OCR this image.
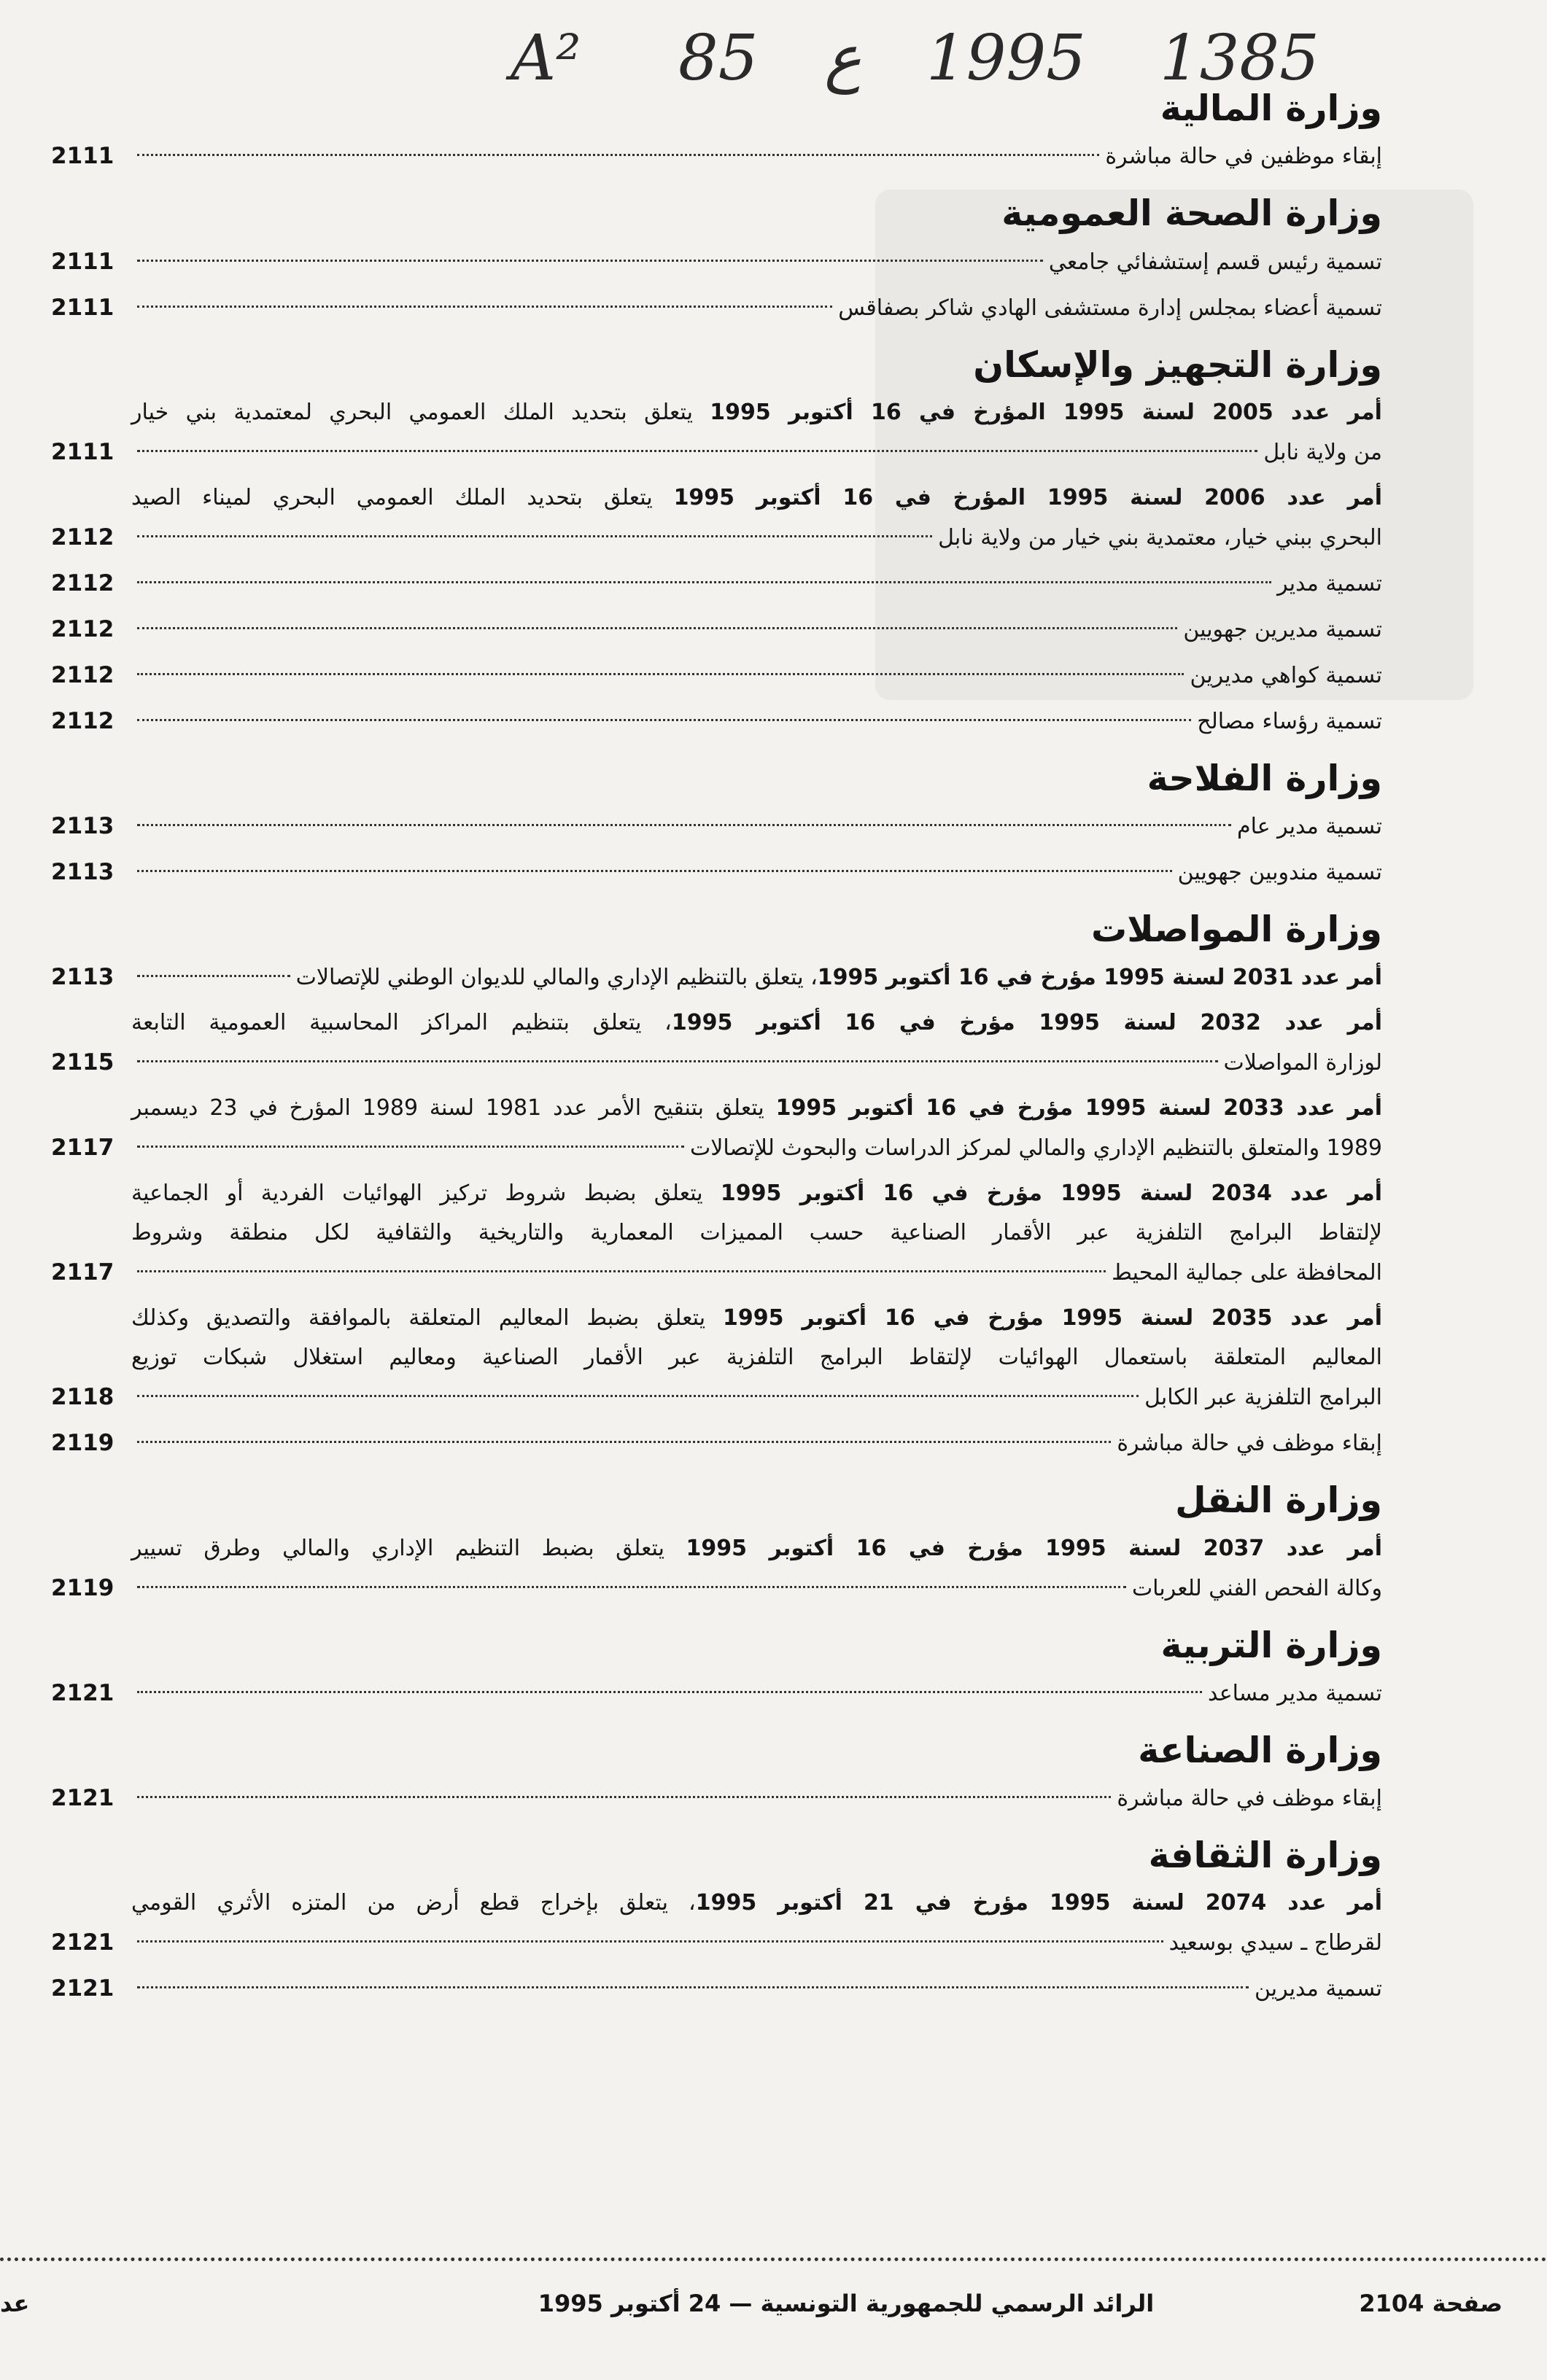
A² 85 ع 1995 1385
وزارة المالية
إبقاء موظفين في حالة مباشرة
2111
وزارة الصحة العمومية
تسمية رئيس قسم إستشفائي جامعي
2111
تسمية أعضاء بمجلس إدارة مستشفى الهادي شاكر بصفاقس
2111
وزارة التجهيز والإسكان
أمر عدد 2005 لسنة 1995 المؤرخ في 16 أكتوبر 1995 يتعلق بتحديد الملك العمومي البحري لمعتمدية بني خيار
من ولاية نابل
2111
أمر عدد 2006 لسنة 1995 المؤرخ في 16 أكتوبر 1995 يتعلق بتحديد الملك العمومي البحري لميناء الصيد
البحري ببني خيار، معتمدية بني خيار من ولاية نابل
2112
تسمية مدير
2112
تسمية مديرين جهويين
2112
تسمية كواهي مديرين
2112
تسمية رؤساء مصالح
2112
وزارة الفلاحة
تسمية مدير عام
2113
تسمية مندوبين جهويين
2113
وزارة المواصلات
أمر عدد 2031 لسنة 1995 مؤرخ في 16 أكتوبر 1995، يتعلق بالتنظيم الإداري والمالي للديوان الوطني للإتصالات
2113
أمر عدد 2032 لسنة 1995 مؤرخ في 16 أكتوبر 1995، يتعلق بتنظيم المراكز المحاسبية العمومية التابعة
لوزارة المواصلات
2115
أمر عدد 2033 لسنة 1995 مؤرخ في 16 أكتوبر 1995 يتعلق بتنقيح الأمر عدد 1981 لسنة 1989 المؤرخ في 23 ديسمبر
1989 والمتعلق بالتنظيم الإداري والمالي لمركز الدراسات والبحوث للإتصالات
2117
أمر عدد 2034 لسنة 1995 مؤرخ في 16 أكتوبر 1995 يتعلق بضبط شروط تركيز الهوائيات الفردية أو الجماعية
لإلتقاط البرامج التلفزية عبر الأقمار الصناعية حسب المميزات المعمارية والتاريخية والثقافية لكل منطقة وشروط
المحافظة على جمالية المحيط
2117
أمر عدد 2035 لسنة 1995 مؤرخ في 16 أكتوبر 1995 يتعلق بضبط المعاليم المتعلقة بالموافقة والتصديق وكذلك
المعاليم المتعلقة باستعمال الهوائيات لإلتقاط البرامج التلفزية عبر الأقمار الصناعية ومعاليم استغلال شبكات توزيع
البرامج التلفزية عبر الكابل
2118
إبقاء موظف في حالة مباشرة
2119
وزارة النقل
أمر عدد 2037 لسنة 1995 مؤرخ في 16 أكتوبر 1995 يتعلق بضبط التنظيم الإداري والمالي وطرق تسيير
وكالة الفحص الفني للعربات
2119
وزارة التربية
تسمية مدير مساعد
2121
وزارة الصناعة
إبقاء موظف في حالة مباشرة
2121
وزارة الثقافة
أمر عدد 2074 لسنة 1995 مؤرخ في 21 أكتوبر 1995، يتعلق بإخراج قطع أرض من المتزه الأثري القومي
لقرطاج ـ سيدي بوسعيد
2121
تسمية مديرين
2121
صفحة 2104
الرائد الرسمي للجمهورية التونسية — 24 أكتوبر 1995
عد
